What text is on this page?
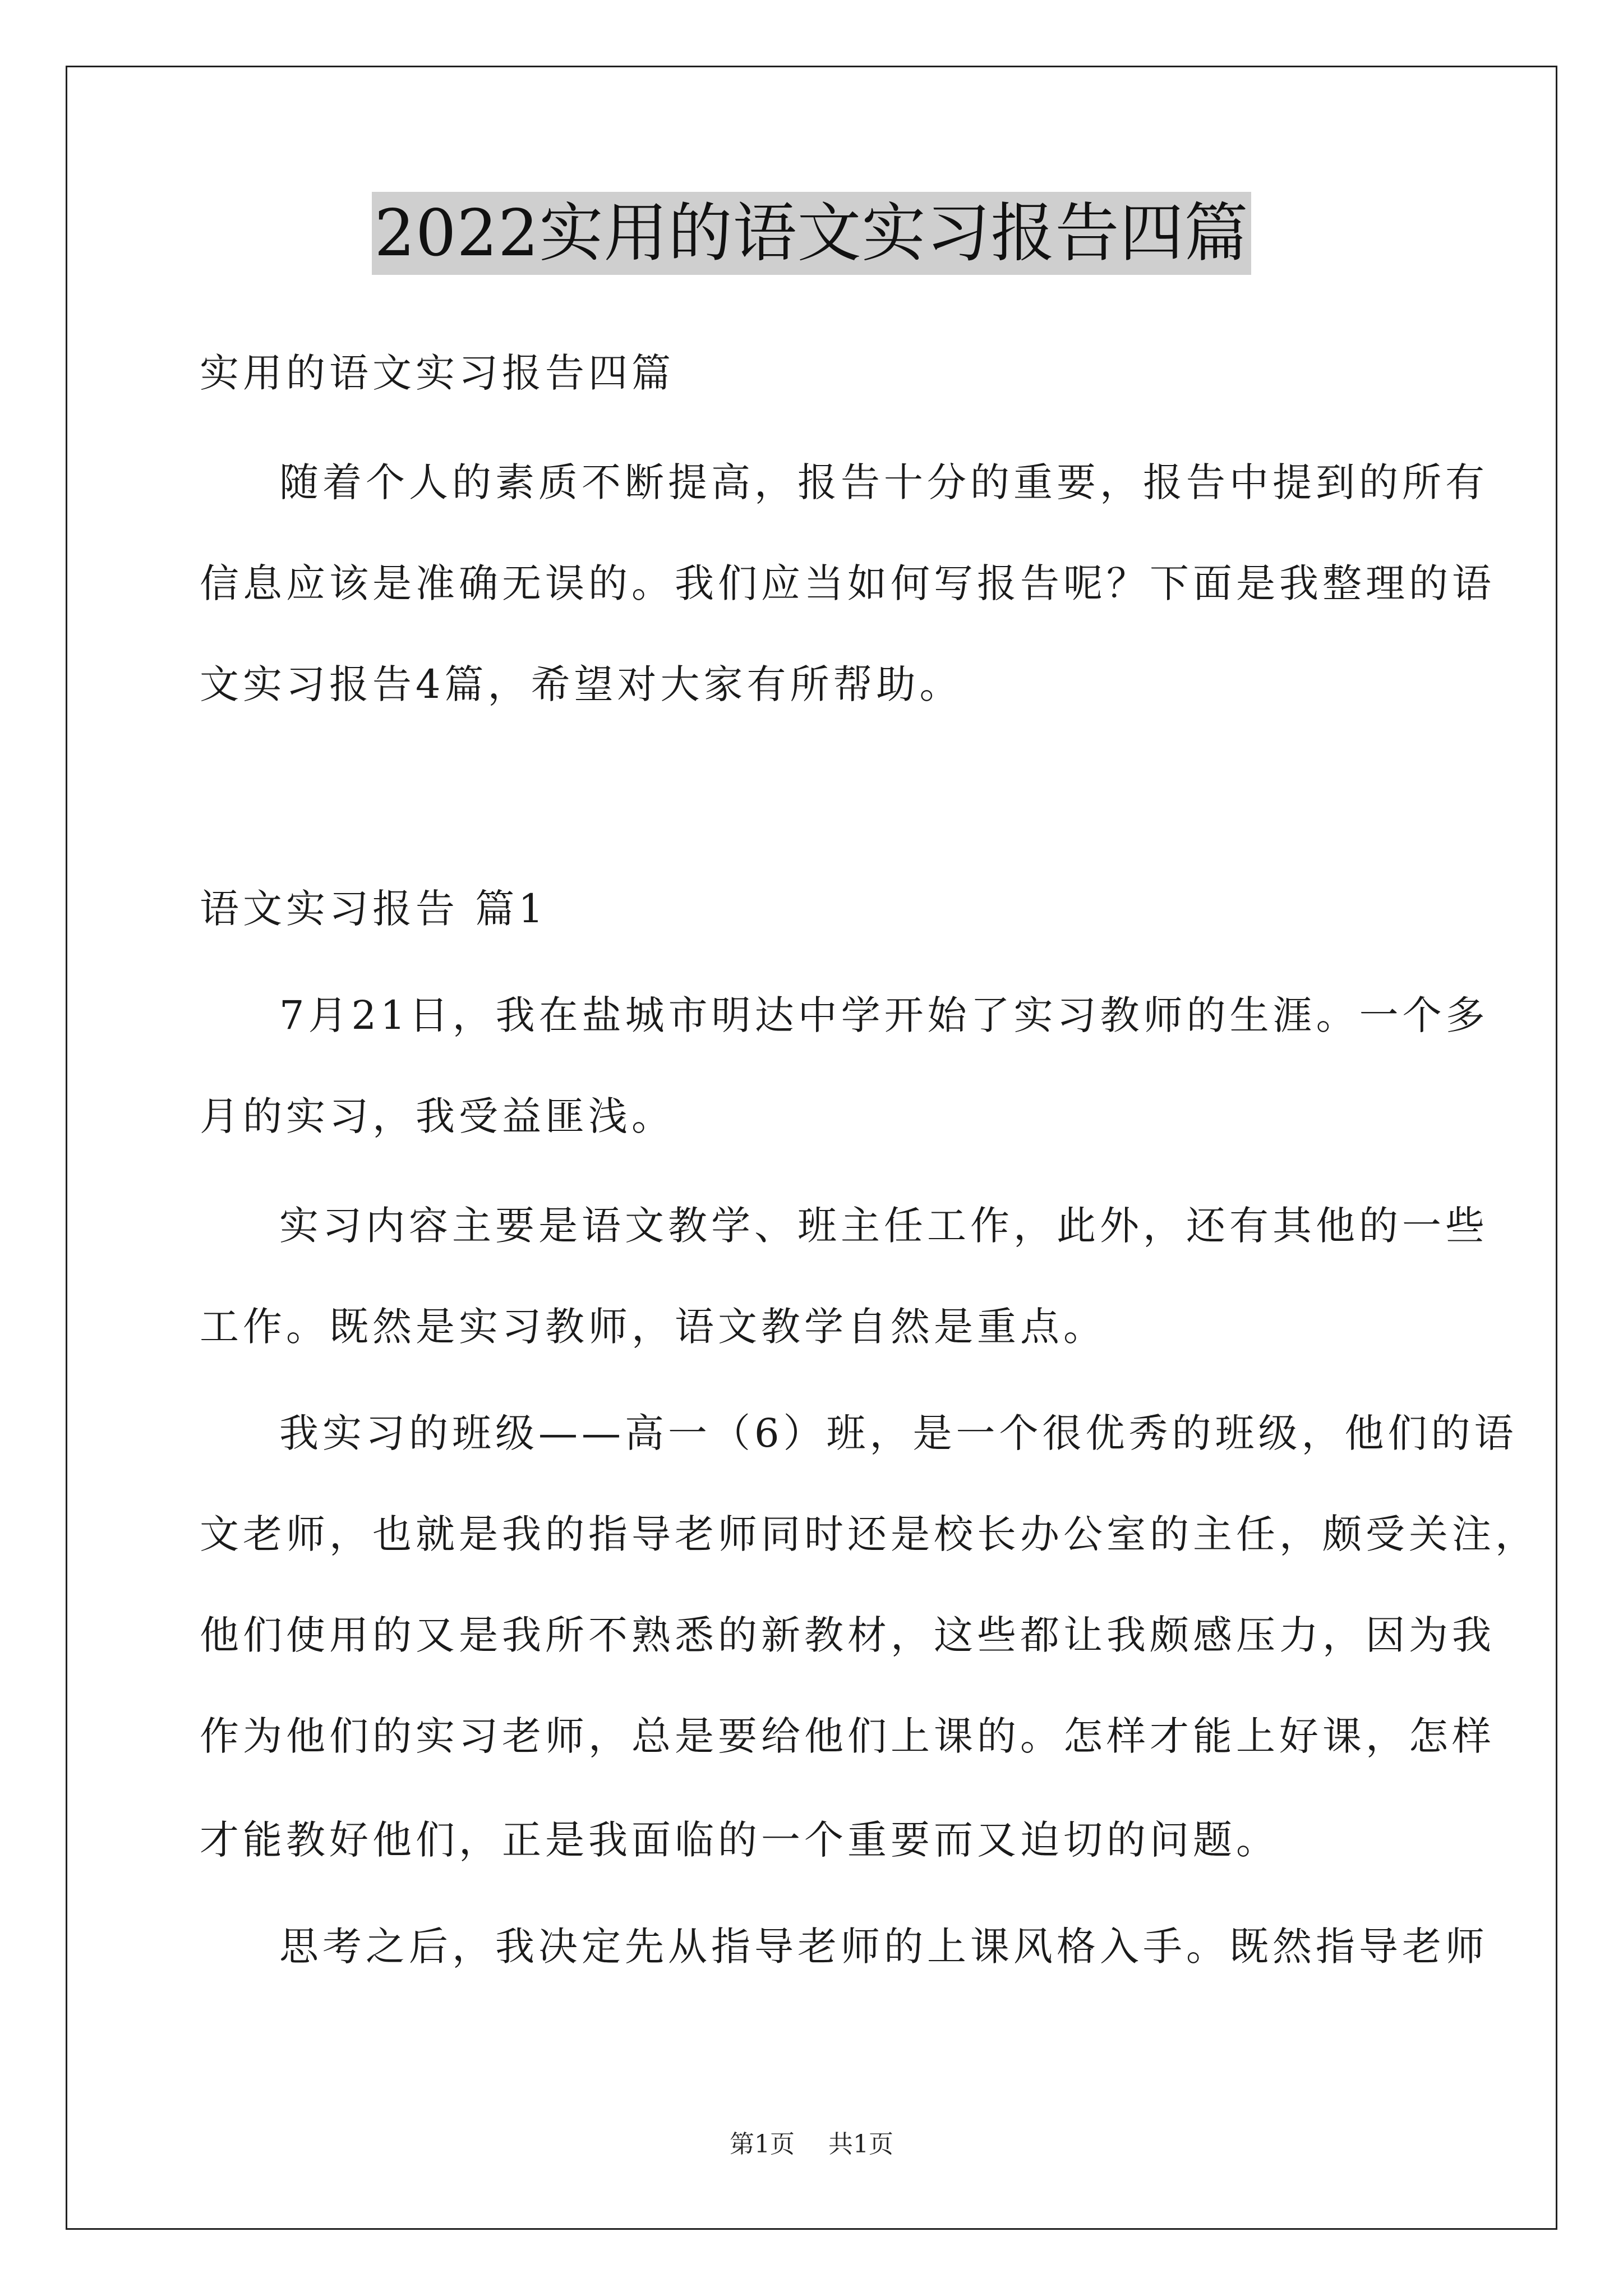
2022实用的语文实习报告四篇
实用的语文实习报告四篇
随着个人的素质不断提高，报告十分的重要，报告中提到的所有
信息应该是准确无误的。我们应当如何写报告呢？下面是我整理的语
文实习报告4篇，希望对大家有所帮助。
语文实习报告 篇1
7月21日，我在盐城市明达中学开始了实习教师的生涯。一个多
月的实习，我受益匪浅。
实习内容主要是语文教学、班主任工作，此外，还有其他的一些
工作。既然是实习教师，语文教学自然是重点。
我实习的班级——高一（6）班，是一个很优秀的班级，他们的语
文老师，也就是我的指导老师同时还是校长办公室的主任，颇受关注，
他们使用的又是我所不熟悉的新教材，这些都让我颇感压力，因为我
作为他们的实习老师，总是要给他们上课的。怎样才能上好课，怎样
才能教好他们，正是我面临的一个重要而又迫切的问题。
思考之后，我决定先从指导老师的上课风格入手。既然指导老师
第1页 共1页
